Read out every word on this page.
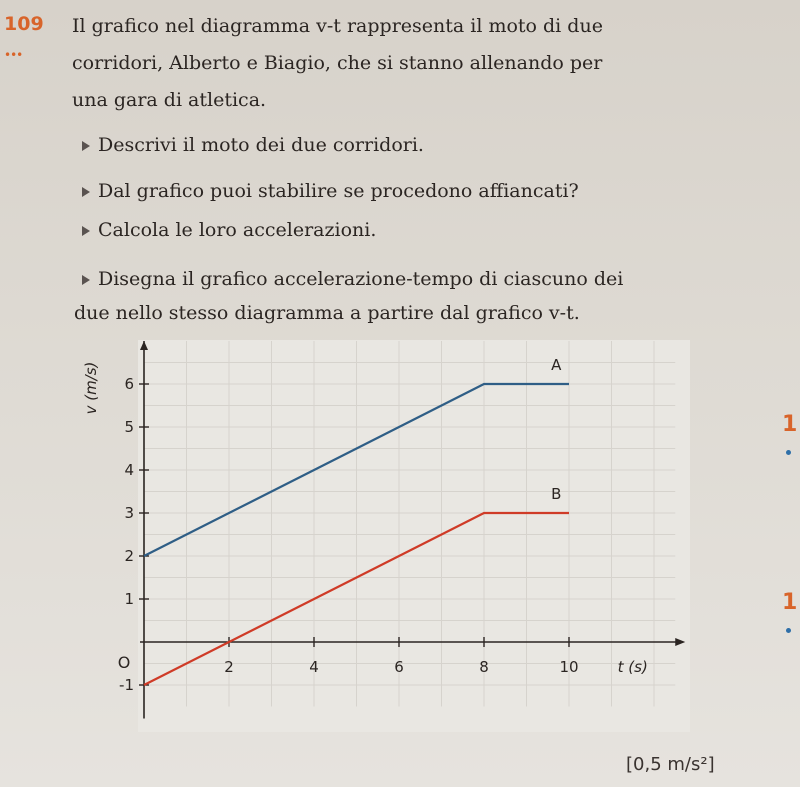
109
•••
Il grafico nel diagramma v-t rappresenta il moto di due
corridori, Alberto e Biagio, che si stanno allenando per
una gara di atletica.
Descrivi il moto dei due corridori.
Dal grafico puoi stabilire se procedono affiancati?
Calcola le loro accelerazioni.
Disegna il grafico accelerazione-tempo di ciascuno dei
due nello stesso diagramma a partire dal grafico v-t.
2	4	6	8	10
-1
1
2
3
4
5
6
O	t (s)
v (m/s)	A
B
1
1
[0,5 m/s²]
